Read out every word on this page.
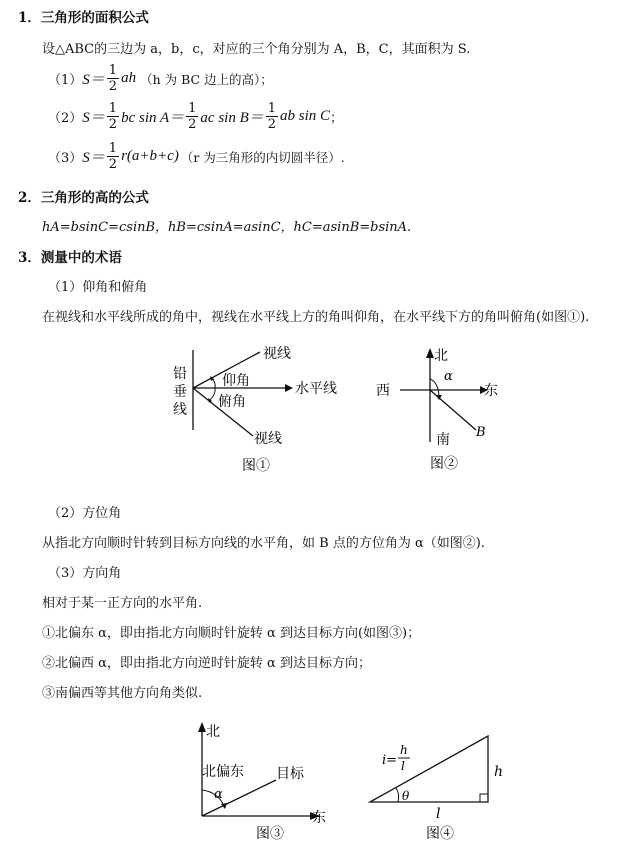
1．三角形的面积公式
设△ABC的三边为 a，b，c，对应的三个角分别为 A，B，C，其面积为 S.
（1） $S= \frac{1}{2}$ ah （h 为 BC 边上的高）；
（2） $S= \frac{1}{2}$ bc $\sin A= \frac{1}{2}$ ac $\sin B= \frac{1}{2}$ ab sin C ；
（3） $S= \frac{1}{2} r(a+b+c)$ （r 为三角形的内切圆半径）.
2．三角形的高的公式
hA=bsinC=csinB，hB=csinA=asinC，hC=asinB=bsinA.
3．测量中的术语
（1）仰角和俯角
在视线和水平线所成的角中，视线在水平线上方的角叫仰角，在水平线下方的角叫俯角(如图①).
铅
垂
线
视线
仰角	水平线
俯角
视线
图①
北
西	东
南
α
B
图②
（2）方位角
从指北方向顺时针转到目标方向线的水平角，如 B 点的方位角为 α（如图②).
（3）方向角
相对于某一正方向的水平角.
①北偏东 α，即由指北方向顺时针旋转 α 到达目标方向(如图③)；
②北偏西 α，即由指北方向逆时针旋转 α 到达目标方向；
③南偏西等其他方向角类似.
北
北偏东 目标
α
东
图③
i=
h
l	h
θ
l
图④
